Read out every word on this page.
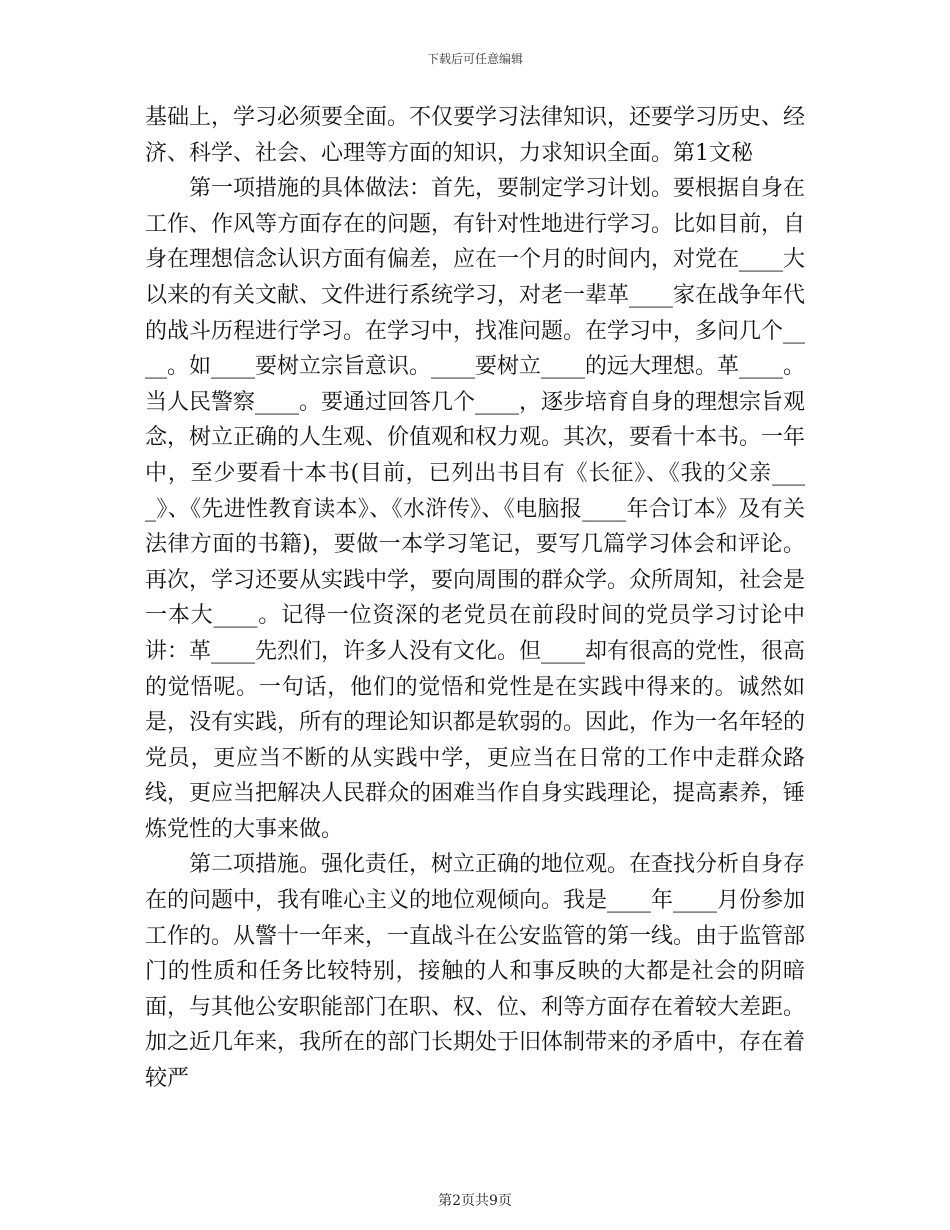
下载后可任意编辑

基础上，学习必须要全面。不仅要学习法律知识，还要学习历史、经济、科学、社会、心理等方面的知识，力求知识全面。第1文秘

第一项措施的具体做法：首先，要制定学习计划。要根据自身在工作、作风等方面存在的问题，有针对性地进行学习。比如目前，自身在理想信念认识方面有偏差，应在一个月的时间内，对党在____大以来的有关文献、文件进行系统学习，对老一辈革____家在战争年代的战斗历程进行学习。在学习中，找准问题。在学习中，多问几个____。如____要树立宗旨意识。____要树立____的远大理想。革____。当人民警察____。要通过回答几个____，逐步培育自身的理想宗旨观念，树立正确的人生观、价值观和权力观。其次，要看十本书。一年中，至少要看十本书(目前，已列出书目有《长征》、《我的父亲____》、《先进性教育读本》、《水浒传》、《电脑报____年合订本》及有关法律方面的书籍)，要做一本学习笔记，要写几篇学习体会和评论。再次，学习还要从实践中学，要向周围的群众学。众所周知，社会是一本大____。记得一位资深的老党员在前段时间的党员学习讨论中讲：革____先烈们，许多人没有文化。但____却有很高的党性，很高的觉悟呢。一句话，他们的觉悟和党性是在实践中得来的。诚然如是，没有实践，所有的理论知识都是软弱的。因此，作为一名年轻的党员，更应当不断的从实践中学，更应当在日常的工作中走群众路线，更应当把解决人民群众的困难当作自身实践理论，提高素养，锤炼党性的大事来做。

第二项措施。强化责任，树立正确的地位观。在查找分析自身存在的问题中，我有唯心主义的地位观倾向。我是____年____月份参加工作的。从警十一年来，一直战斗在公安监管的第一线。由于监管部门的性质和任务比较特别，接触的人和事反映的大都是社会的阴暗面，与其他公安职能部门在职、权、位、利等方面存在着较大差距。加之近几年来，我所在的部门长期处于旧体制带来的矛盾中，存在着较严

第2页共9页
